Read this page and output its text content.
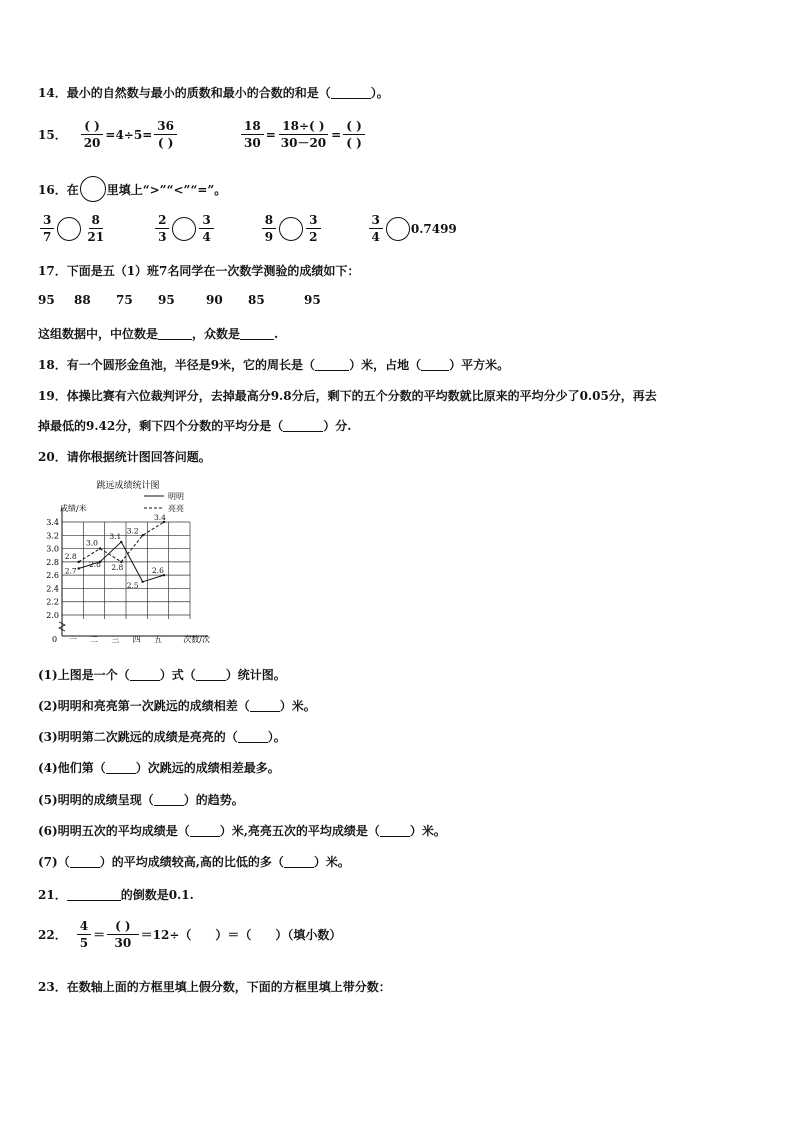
14．最小的自然数与最小的质数和最小的合数的和是（	）。
15． $\frac{( )}{20} =4\div 5= \frac{36}{( )}$	$\frac{18}{30} = \frac{18\div( )}{30-20} = \frac{( )}{( )}$
16． 在 里填上“>”“<”“=”。
$\frac{3}{7}$	$\frac{8}{21}$	$\frac{2}{3}$	$\frac{3}{4}$	$\frac{8}{9}$	$\frac{3}{2}$	$\frac{3}{4} 0.7499$
17．下面是五（1）班7名同学在一次数学测验的成绩如下：
95 88 75 95	90 85	95
这组数据中，中位数是	，众数是	.
18．有一个圆形金鱼池，半径是9米，它的周长是（	）米，占地（ ）平方米。
19．体操比赛有六位裁判评分，去掉最高分9.8分后，剩下的五个分数的平均数就比原来的平均分少了0.05分，再去
掉最低的9.42分，剩下四个分数的平均分是（	）分.
20．请你根据统计图回答问题。
跳远成绩统计图
成绩/米
2.0
2.2
2.4
2.6
2.8
3.0
3.2
3.4
0 一 二 三 四 五	次数/次
明明
亮亮
2.7
2.8
3.1
2.5
2.6
2.8
3.0
2.8
3.2
3.4
(1)上图是一个（	）式（	）统计图。
(2)明明和亮亮第一次跳远的成绩相差（	）米。
(3)明明第二次跳远的成绩是亮亮的（	）。
(4)他们第（	）次跳远的成绩相差最多。
(5)明明的成绩呈现（	）的趋势。
(6)明明五次的平均成绩是（	）米,亮亮五次的平均成绩是（	）米。
(7)（	）的平均成绩较高,高的比低的多（	）米。
21．	的倒数是0.1.
22． $\frac{4}{5} = \frac{( )}{30} =12\div$（　　）＝（　　）（填小数）
23．在数轴上面的方框里填上假分数，下面的方框里填上带分数：
